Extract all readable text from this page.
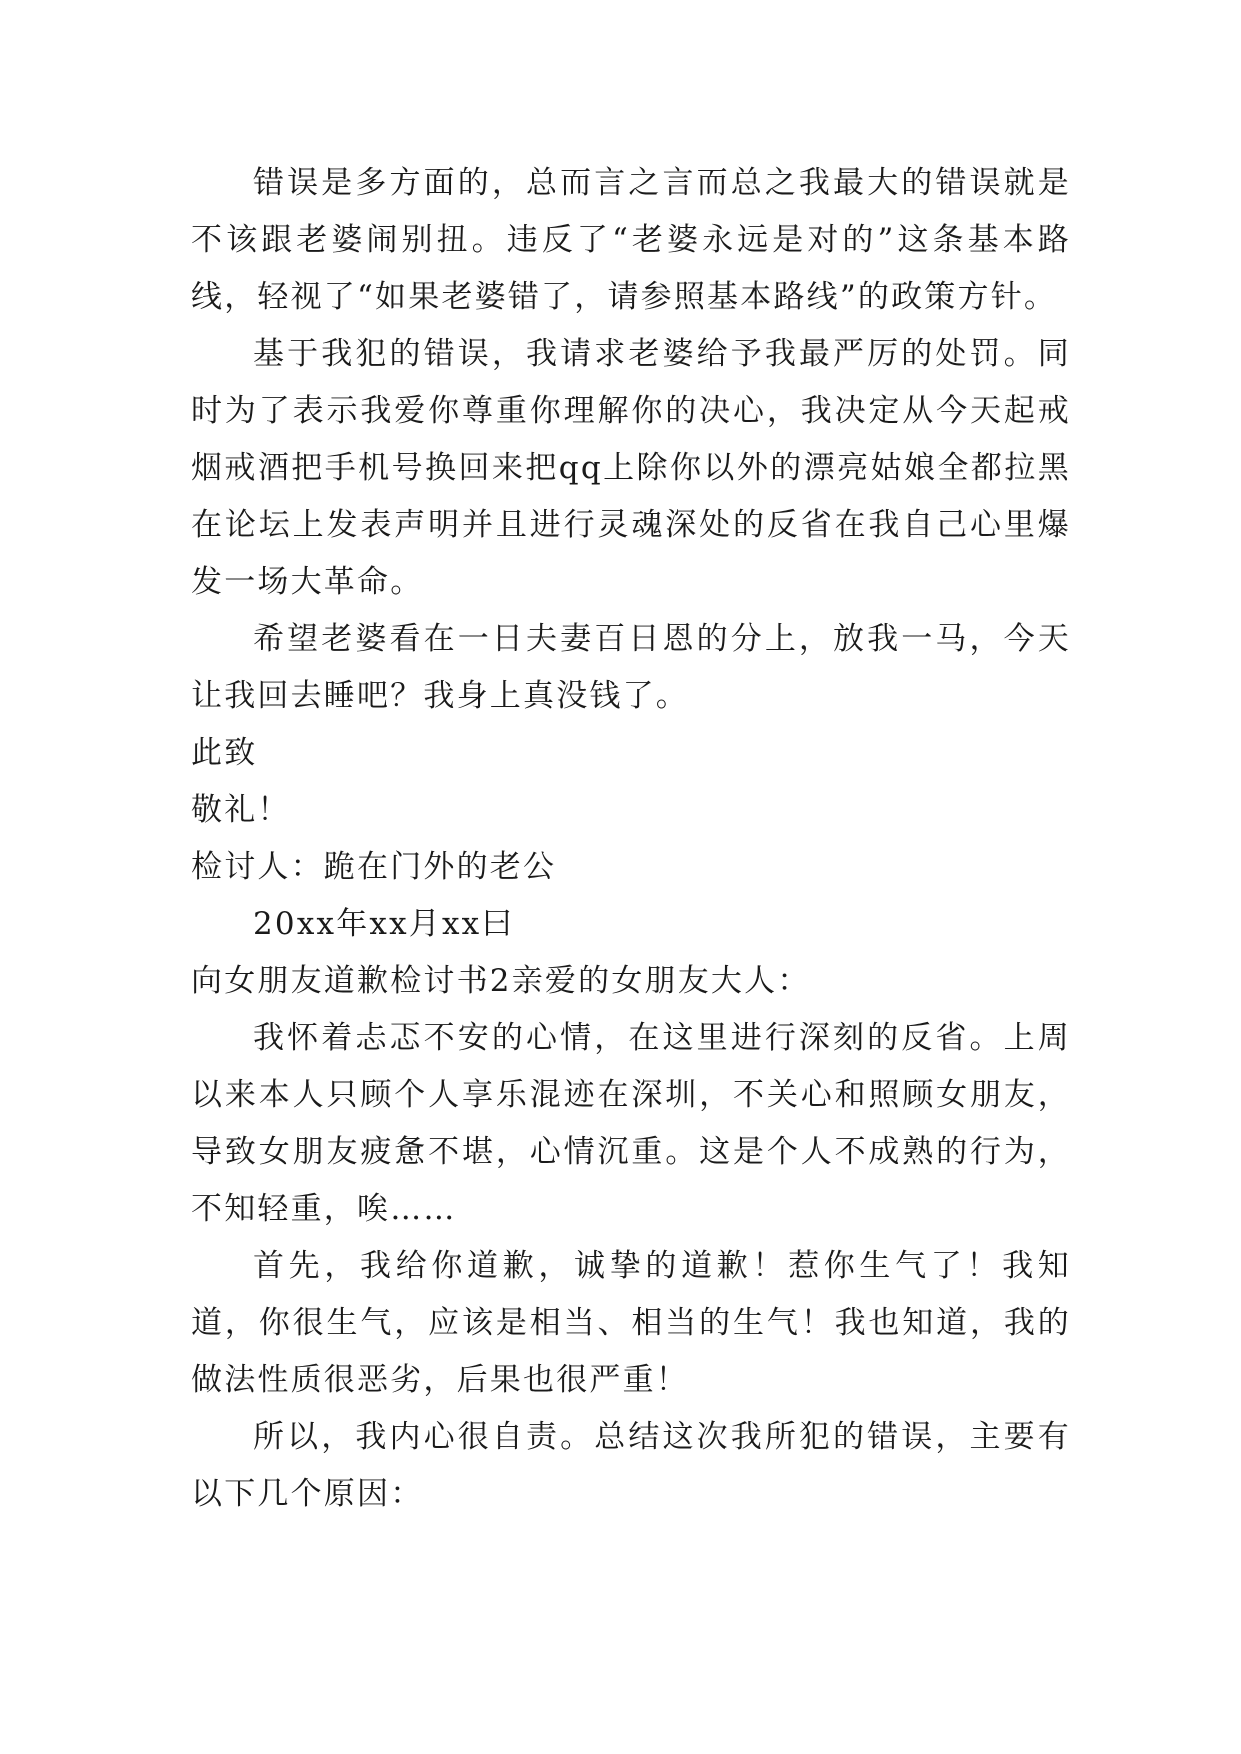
错误是多方面的，总而言之言而总之我最大的错误就是不该跟老婆闹别扭。违反了“老婆永远是对的”这条基本路线，轻视了“如果老婆错了，请参照基本路线”的政策方针。

基于我犯的错误，我请求老婆给予我最严厉的处罚。同时为了表示我爱你尊重你理解你的决心，我决定从今天起戒烟戒酒把手机号换回来把qq上除你以外的漂亮姑娘全都拉黑在论坛上发表声明并且进行灵魂深处的反省在我自己心里爆发一场大革命。

希望老婆看在一日夫妻百日恩的分上，放我一马，今天让我回去睡吧？我身上真没钱了。

此致

敬礼！

检讨人：跪在门外的老公

20xx年xx月xx曰

向女朋友道歉检讨书2亲爱的女朋友大人：

我怀着忐忑不安的心情，在这里进行深刻的反省。上周以来本人只顾个人享乐混迹在深圳，不关心和照顾女朋友，导致女朋友疲惫不堪，心情沉重。这是个人不成熟的行为，不知轻重，唉……

首先，我给你道歉，诚挚的道歉！惹你生气了！我知道，你很生气，应该是相当、相当的生气！我也知道，我的做法性质很恶劣，后果也很严重！

所以，我内心很自责。总结这次我所犯的错误，主要有以下几个原因：
